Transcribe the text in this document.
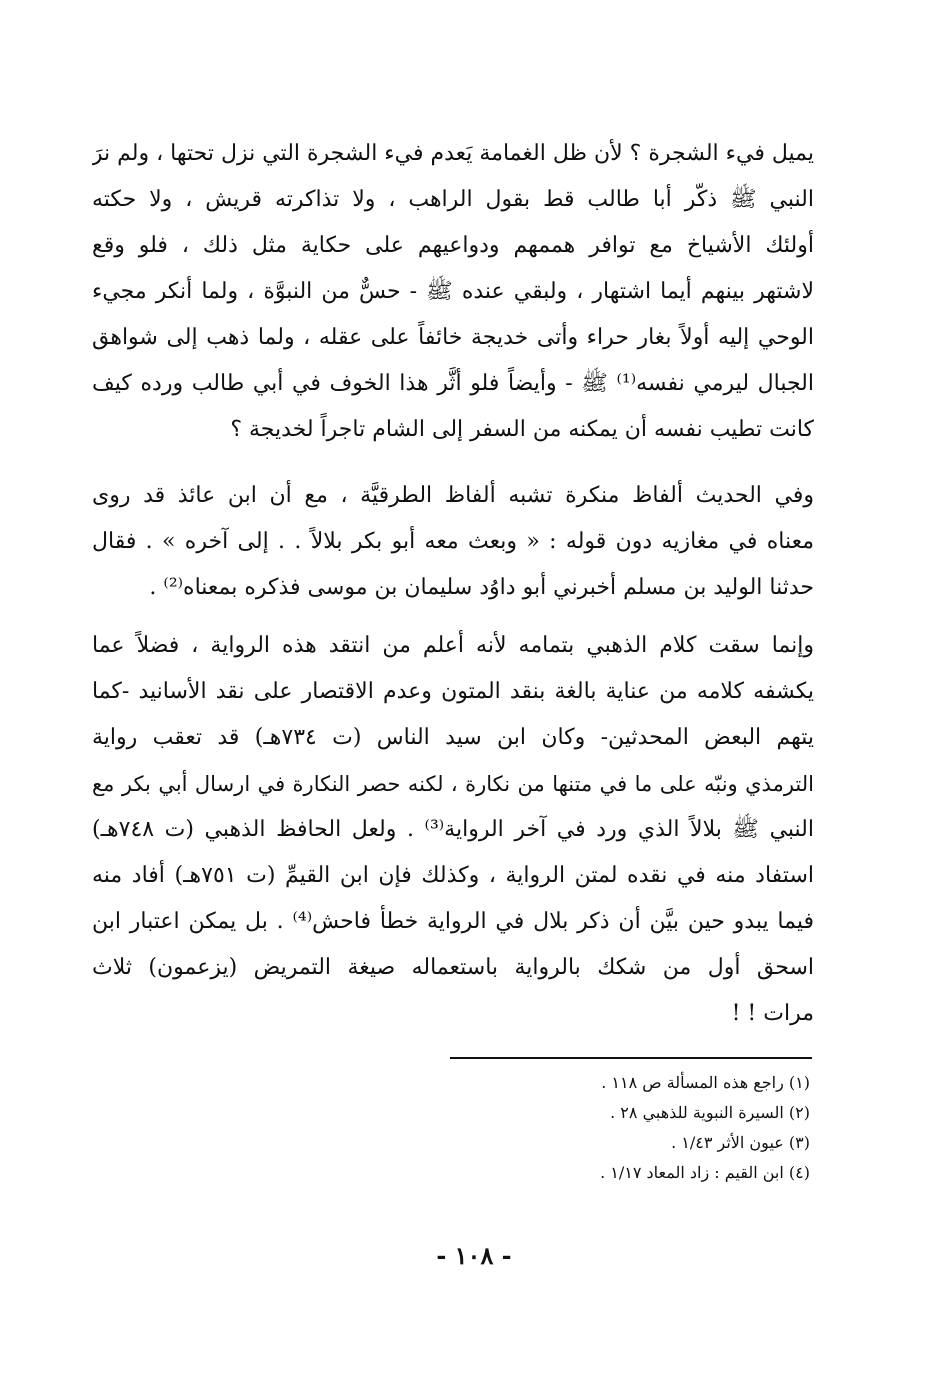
يميل فيء الشجرة ؟ لأن ظل الغمامة يَعدم فيء الشجرة التي نزل تحتها ، ولم نرَ
النبي ﷺ ذكّر أبا طالب قط بقول الراهب ، ولا تذاكرته قريش ، ولا حكته
أولئك الأشياخ مع توافر هممهم ودواعيهم على حكاية مثل ذلك ، فلو وقع
لاشتهر بينهم أيما اشتهار ، ولبقي عنده ﷺ - حسٌّ من النبوَّة ، ولما أنكر مجيء
الوحي إليه أولاً بغار حراء وأتى خديجة خائفاً على عقله ، ولما ذهب إلى شواهق
الجبال ليرمي نفسه⁽¹⁾ ﷺ - وأيضاً فلو أثَّر هذا الخوف في أبي طالب ورده كيف
كانت تطيب نفسه أن يمكنه من السفر إلى الشام تاجراً لخديجة ؟
وفي الحديث ألفاظ منكرة تشبه ألفاظ الطرقيَّة ، مع أن ابن عائذ قد روى
معناه في مغازيه دون قوله : « وبعث معه أبو بكر بلالاً . . إلى آخره » . فقال
حدثنا الوليد بن مسلم أخبرني أبو داوُد سليمان بن موسى فذكره بمعناه⁽²⁾ .
وإنما سقت كلام الذهبي بتمامه لأنه أعلم من انتقد هذه الرواية ، فضلاً عما
يكشفه كلامه من عناية بالغة بنقد المتون وعدم الاقتصار على نقد الأسانيد -كما
يتهم البعض المحدثين- وكان ابن سيد الناس (ت ٧٣٤هـ) قد تعقب رواية
الترمذي ونبّه على ما في متنها من نكارة ، لكنه حصر النكارة في ارسال أبي بكر مع
النبي ﷺ بلالاً الذي ورد في آخر الرواية⁽³⁾ . ولعل الحافظ الذهبي (ت ٧٤٨هـ)
استفاد منه في نقده لمتن الرواية ، وكذلك فإن ابن القيمِّ (ت ٧٥١هـ) أفاد منه
فيما يبدو حين بيَّن أن ذكر بلال في الرواية خطأ فاحش⁽⁴⁾ . بل يمكن اعتبار ابن
اسحق أول من شكك بالرواية باستعماله صيغة التمريض (يزعمون) ثلاث
مرات ! !
(١) راجع هذه المسألة ص ١١٨ .
(٢) السيرة النبوية للذهبي ٢٨ .
(٣) عيون الأثر ١/٤٣ .
(٤) ابن القيم : زاد المعاد ١/١٧ .
- ١٠٨ -
